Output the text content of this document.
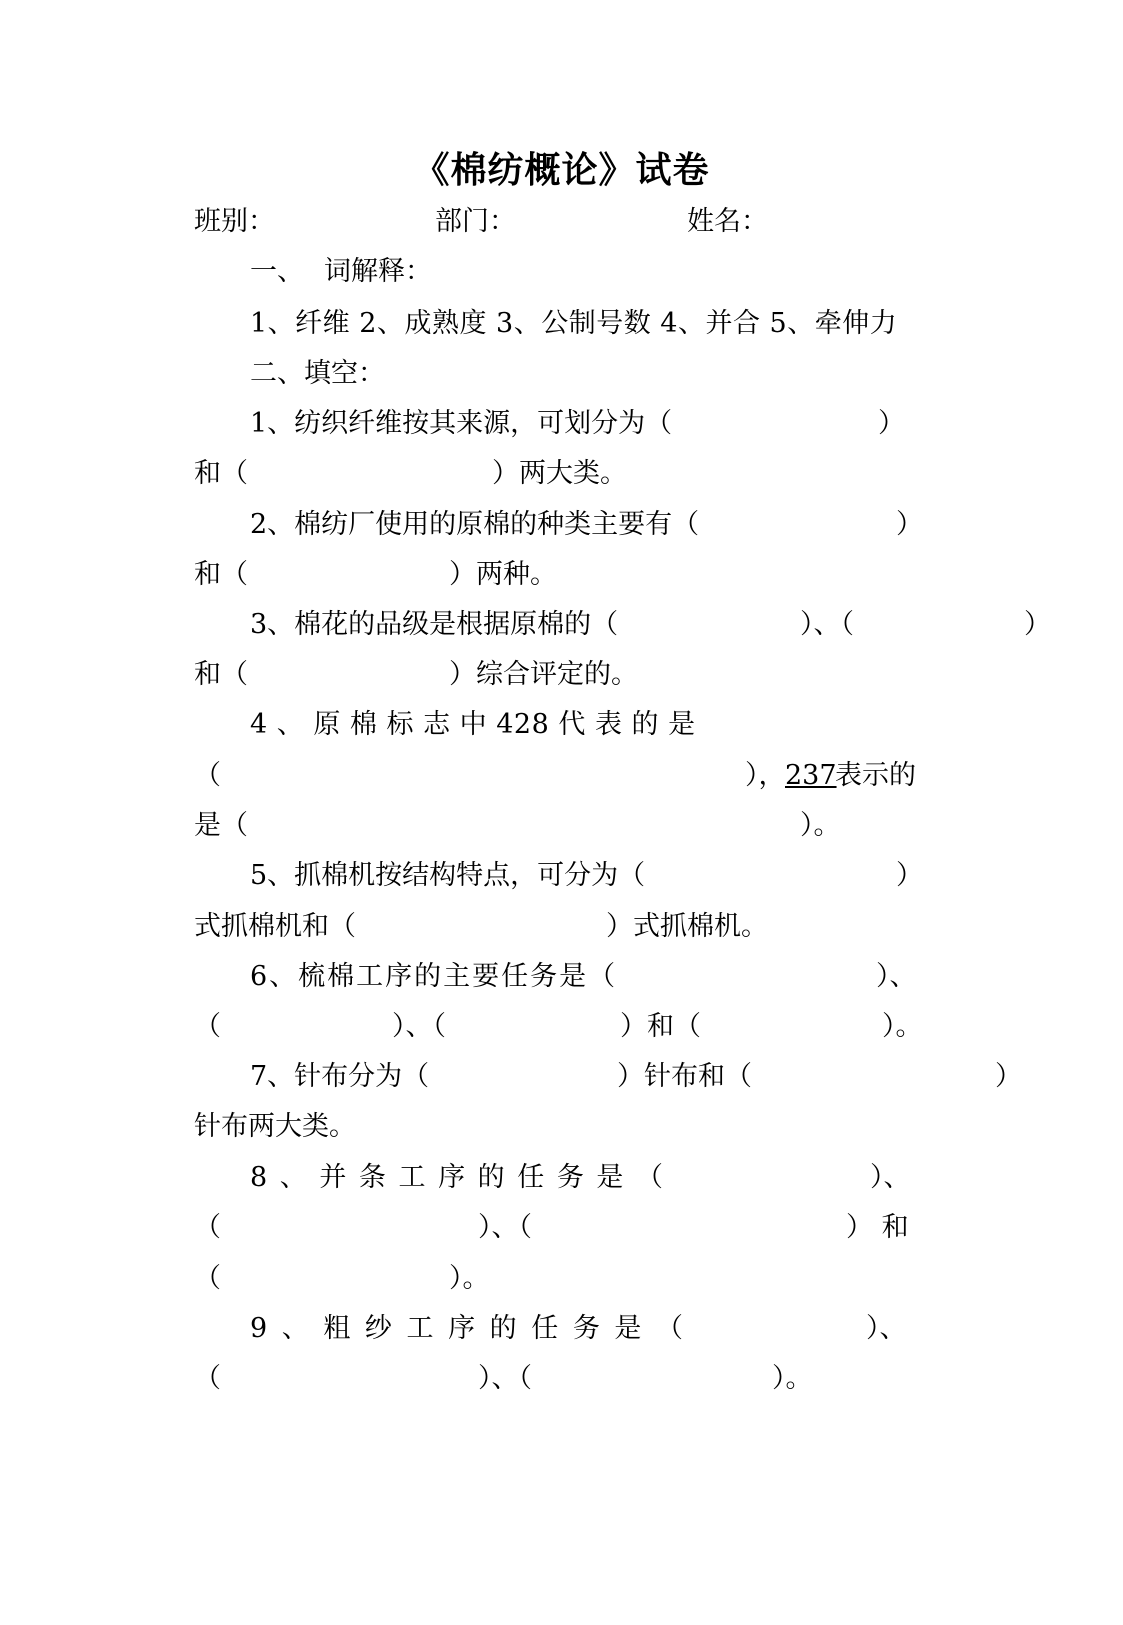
《棉纺概论》试卷
班别：	部门：	姓名：
一、 词解释：
1、纤维 2、成熟度 3、公制号数 4、并合 5、牵伸力
二、填空：
1、纺织纤维按其来源，可划分为（	）
和（	）两大类。
2、棉纺厂使用的原棉的种类主要有（	）
和（	）两种。
3、棉花的品级是根据原棉的（	）、（	）
和（	）综合评定的。
4 、 原 棉 标 志 中 428 代 表 的 是
（	）， 237
表示的
是（	）。
5、抓棉机按结构特点，可分为（	）
式抓棉机和（	）式抓棉机。
6、梳棉工序的主要任务是（	）、
（	）、（	）和（	）。
7、针布分为（	）针布和（	）
针布两大类。
8 、 并 条 工 序 的 任 务 是 （	）、
（	）、（	） 和
（	）。
9 、 粗 纱 工 序 的 任 务 是 （	）、
（	）、（	）。
